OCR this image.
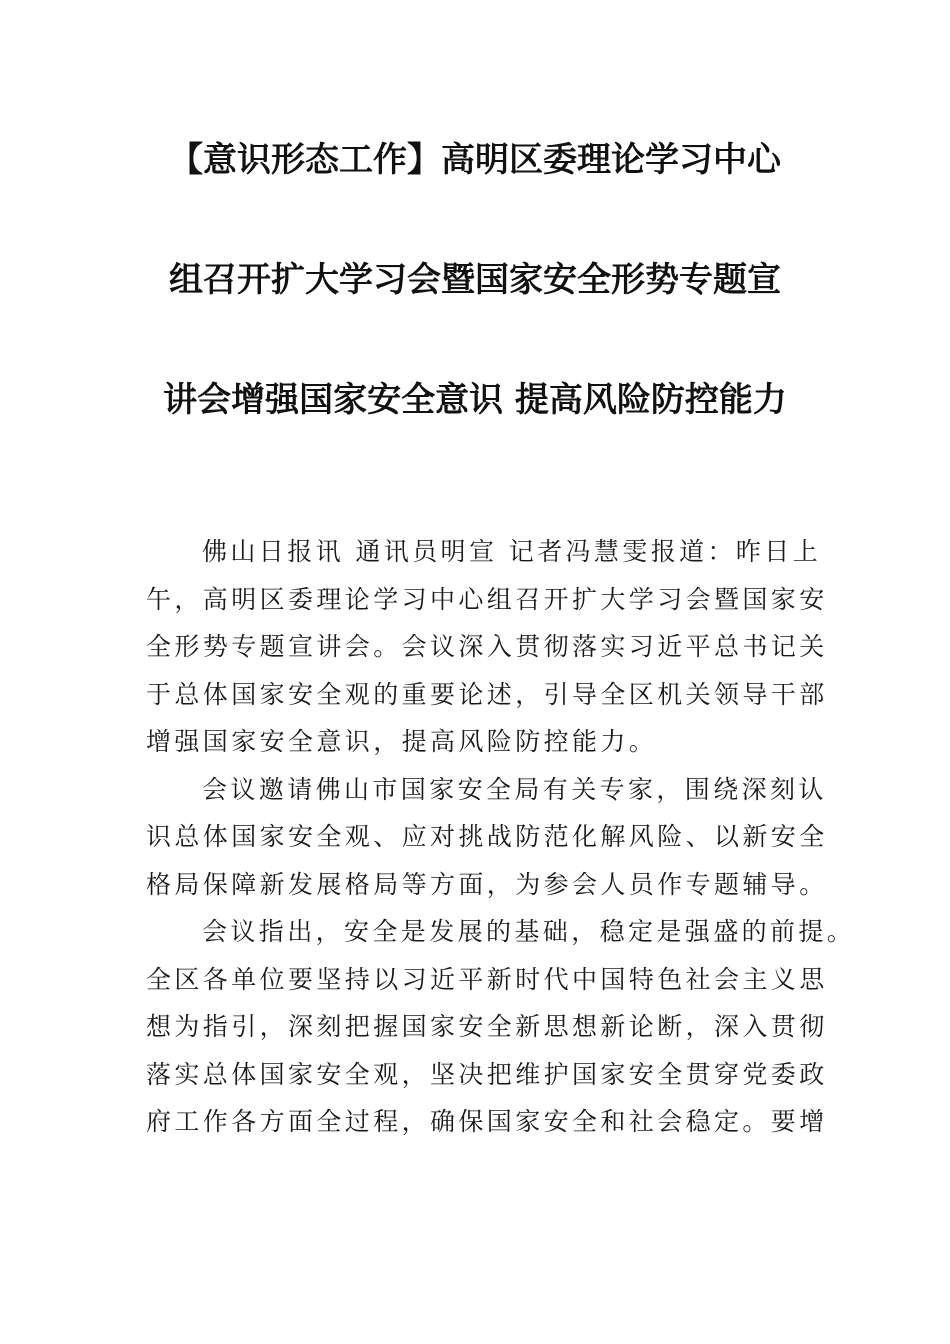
【意识形态工作】高明区委理论学习中心
组召开扩大学习会暨国家安全形势专题宣
讲会增强国家安全意识 提高风险防控能力
佛山日报讯 通讯员明宣 记者冯慧雯报道：昨日上
午，高明区委理论学习中心组召开扩大学习会暨国家安
全形势专题宣讲会。会议深入贯彻落实习近平总书记关
于总体国家安全观的重要论述，引导全区机关领导干部
增强国家安全意识，提高风险防控能力。
会议邀请佛山市国家安全局有关专家，围绕深刻认
识总体国家安全观、应对挑战防范化解风险、以新安全
格局保障新发展格局等方面，为参会人员作专题辅导。
会议指出，安全是发展的基础，稳定是强盛的前提。
全区各单位要坚持以习近平新时代中国特色社会主义思
想为指引，深刻把握国家安全新思想新论断，深入贯彻
落实总体国家安全观，坚决把维护国家安全贯穿党委政
府工作各方面全过程，确保国家安全和社会稳定。要增
